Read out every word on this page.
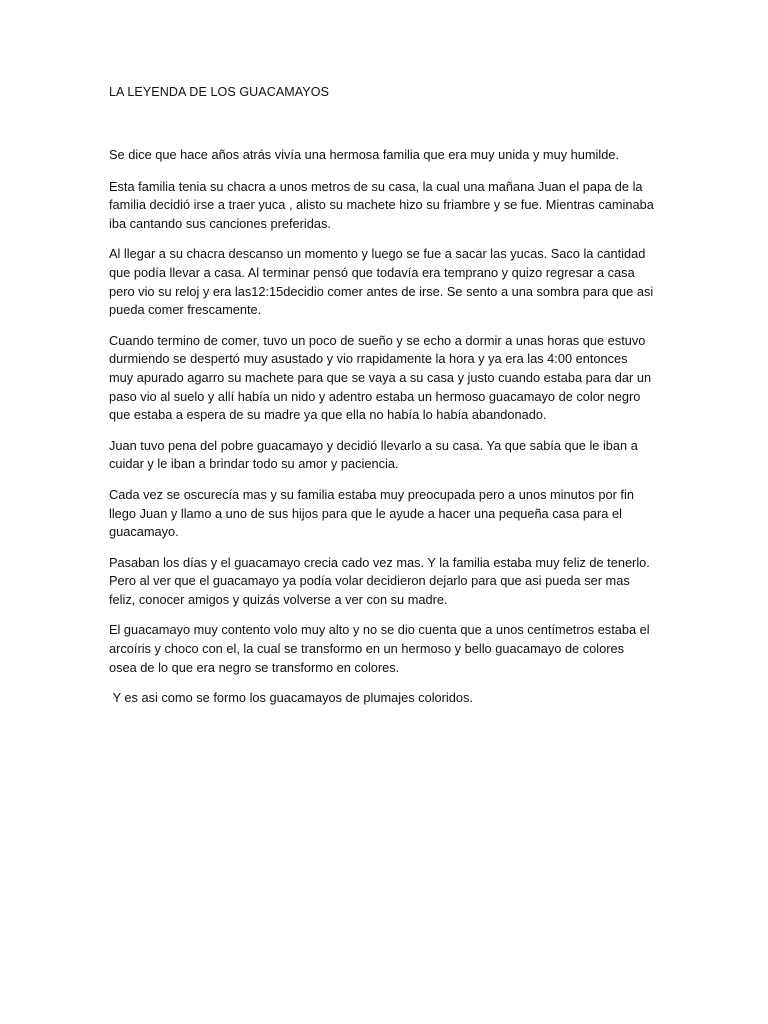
LA LEYENDA DE LOS GUACAMAYOS

Se dice que hace años atrás vivía una hermosa familia que era muy unida y muy humilde.

Esta familia tenia su chacra a unos metros de su casa, la cual una mañana Juan el papa de la familia decidió irse a traer yuca , alisto su machete hizo su friambre y se fue. Mientras caminaba iba cantando sus canciones preferidas.

Al llegar a su chacra descanso un momento y luego se fue a sacar las yucas. Saco la cantidad que podía llevar a casa. Al terminar pensó que todavía era temprano y quizo regresar a casa pero vio su reloj y era las12:15decidio comer antes de irse. Se sento a una sombra para que asi pueda comer frescamente.

Cuando termino de comer, tuvo un poco de sueño y se echo a dormir a unas horas que estuvo durmiendo se despertó muy asustado y vio rrapidamente la hora y ya era las 4:00 entonces muy apurado agarro su machete para que se vaya a su casa y justo cuando estaba para dar un paso vio al suelo y allí había un nido y adentro estaba un hermoso guacamayo de color negro que estaba a espera de su madre ya que ella no había lo había abandonado.

Juan tuvo pena del pobre guacamayo y decidió llevarlo a su casa. Ya que sabía que le iban a cuidar y le iban a brindar todo su amor y paciencia.

Cada vez se oscurecía mas y su familia estaba muy preocupada pero a unos minutos por fin llego Juan y llamo a uno de sus hijos para que le ayude a hacer una pequeña casa para el guacamayo.

Pasaban los días y el guacamayo crecia cado vez mas. Y la familia estaba muy feliz de tenerlo. Pero al ver que el guacamayo ya podía volar decidieron dejarlo para que asi pueda ser mas feliz, conocer amigos y quizás volverse a ver con su madre.

El guacamayo muy contento volo muy alto y no se dio cuenta que a unos centímetros estaba el arcoíris y choco con el, la cual se transformo en un hermoso y bello guacamayo de colores osea de lo que era negro se transformo en colores.

Y es asi como se formo los guacamayos de plumajes coloridos.
